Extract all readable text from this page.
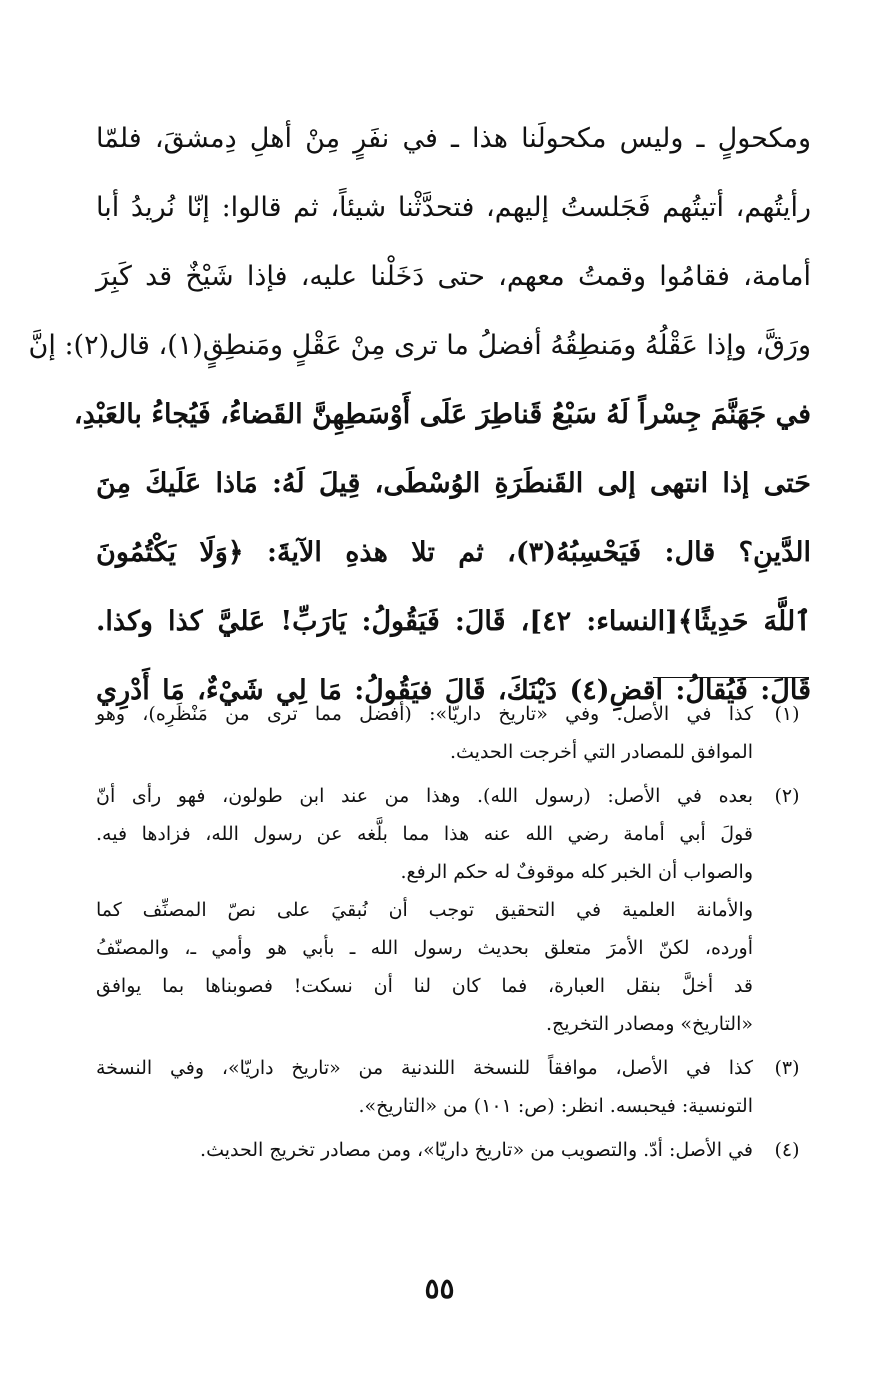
ومكحولٍ ـ وليس مكحولَنا هذا ـ في نفَرٍ مِنْ أهلِ دِمشقَ، فلمّا
رأيتُهم، أتيتُهم فَجَلستُ إليهم، فتحدَّثْنا شيئاً، ثم قالوا: إنّا نُريدُ أبا
أمامة، فقامُوا وقمتُ معهم، حتى دَخَلْنا عليه، فإذا شَيْخٌ قد كَبِرَ
ورَقَّ، وإذا عَقْلُهُ ومَنطِقُهُ أفضلُ ما ترى مِنْ عَقْلٍ ومَنطِقٍ(١)، قال(٢): إنَّ
في جَهَنَّمَ جِسْراً لَهُ سَبْعُ قَناطِرَ عَلَى أَوْسَطِهِنَّ القَضاءُ، فَيُجاءُ بالعَبْدِ،
حَتى إذا انتهى إلى القَنطَرَةِ الوُسْطَى، قِيلَ لَهُ: مَاذا عَلَيكَ مِنَ
الدَّينِ؟ قال: فَيَحْسِبُهُ(٣)، ثم تلا هذهِ الآيةَ: ﴿وَلَا يَكْتُمُونَ
ٱللَّهَ حَدِيثًا﴾[النساء: ٤٢]، قَالَ: فَيَقُولُ: يَارَبِّ! عَليَّ كذا وكذا.
قَالَ: فَيُقالُ: اقضِ(٤) دَيْنَكَ، قَالَ فيَقُولُ: مَا لِي شَيْءٌ، مَا أَدْرِي
(١)
كذا في الأصل. وفي «تاريخ داريّا»: (أفضل مما ترى من مَنْظَرِه)، وهو
الموافق للمصادر التي أخرجت الحديث.
(٢)
بعده في الأصل: (رسول الله). وهذا من عند ابن طولون، فهو رأى أنّ
قولَ أبي أمامة رضي الله عنه هذا مما بلَّغه عن رسول الله، فزادها فيه.
والصواب أن الخبر كله موقوفٌ له حكم الرفع.
والأمانة العلمية في التحقيق توجب أن نُبقيَ على نصّ المصنِّف كما
أورده، لكنّ الأمرَ متعلق بحديث رسول الله ـ بأبي هو وأمي ـ، والمصنّفُ
قد أخلَّ بنقل العبارة، فما كان لنا أن نسكت! فصوبناها بما يوافق
«التاريخ» ومصادر التخريج.
(٣)
كذا في الأصل، موافقاً للنسخة اللندنية من «تاريخ داريّا»، وفي النسخة
التونسية: فيحبسه. انظر: (ص: ١٠١) من «التاريخ».
(٤)
في الأصل: أدّ. والتصويب من «تاريخ داريّا»، ومن مصادر تخريج الحديث.
٥٥
